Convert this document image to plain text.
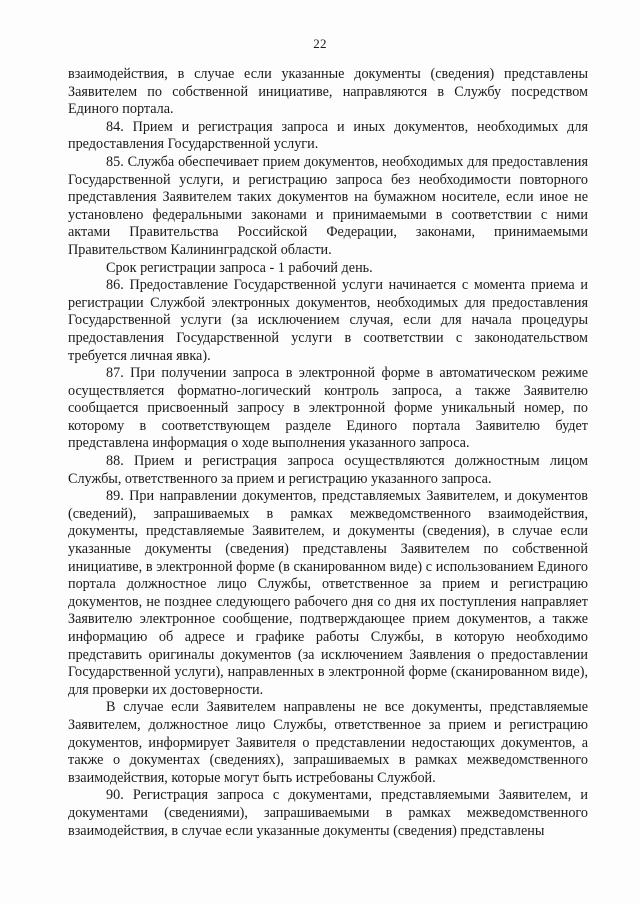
22

взаимодействия, в случае если указанные документы (сведения) представлены Заявителем по собственной инициативе, направляются в Службу посредством Единого портала.

84. Прием и регистрация запроса и иных документов, необходимых для предоставления Государственной услуги.

85. Служба обеспечивает прием документов, необходимых для предоставления Государственной услуги, и регистрацию запроса без необходимости повторного представления Заявителем таких документов на бумажном носителе, если иное не установлено федеральными законами и принимаемыми в соответствии с ними актами Правительства Российской Федерации, законами, принимаемыми Правительством Калининградской области.

Срок регистрации запроса - 1 рабочий день.

86. Предоставление Государственной услуги начинается с момента приема и регистрации Службой электронных документов, необходимых для предоставления Государственной услуги (за исключением случая, если для начала процедуры предоставления Государственной услуги в соответствии с законодательством требуется личная явка).

87. При получении запроса в электронной форме в автоматическом режиме осуществляется форматно-логический контроль запроса, а также Заявителю сообщается присвоенный запросу в электронной форме уникальный номер, по которому в соответствующем разделе Единого портала Заявителю будет представлена информация о ходе выполнения указанного запроса.

88. Прием и регистрация запроса осуществляются должностным лицом Службы, ответственного за прием и регистрацию указанного запроса.

89. При направлении документов, представляемых Заявителем, и документов (сведений), запрашиваемых в рамках межведомственного взаимодействия, документы, представляемые Заявителем, и документы (сведения), в случае если указанные документы (сведения) представлены Заявителем по собственной инициативе, в электронной форме (в сканированном виде) с использованием Единого портала должностное лицо Службы, ответственное за прием и регистрацию документов, не позднее следующего рабочего дня со дня их поступления направляет Заявителю электронное сообщение, подтверждающее прием документов, а также информацию об адресе и графике работы Службы, в которую необходимо представить оригиналы документов (за исключением Заявления о предоставлении Государственной услуги), направленных в электронной форме (сканированном виде), для проверки их достоверности.

В случае если Заявителем направлены не все документы, представляемые Заявителем, должностное лицо Службы, ответственное за прием и регистрацию документов, информирует Заявителя о представлении недостающих документов, а также о документах (сведениях), запрашиваемых в рамках межведомственного взаимодействия, которые могут быть истребованы Службой.

90. Регистрация запроса с документами, представляемыми Заявителем, и документами (сведениями), запрашиваемыми в рамках межведомственного взаимодействия, в случае если указанные документы (сведения) представлены
